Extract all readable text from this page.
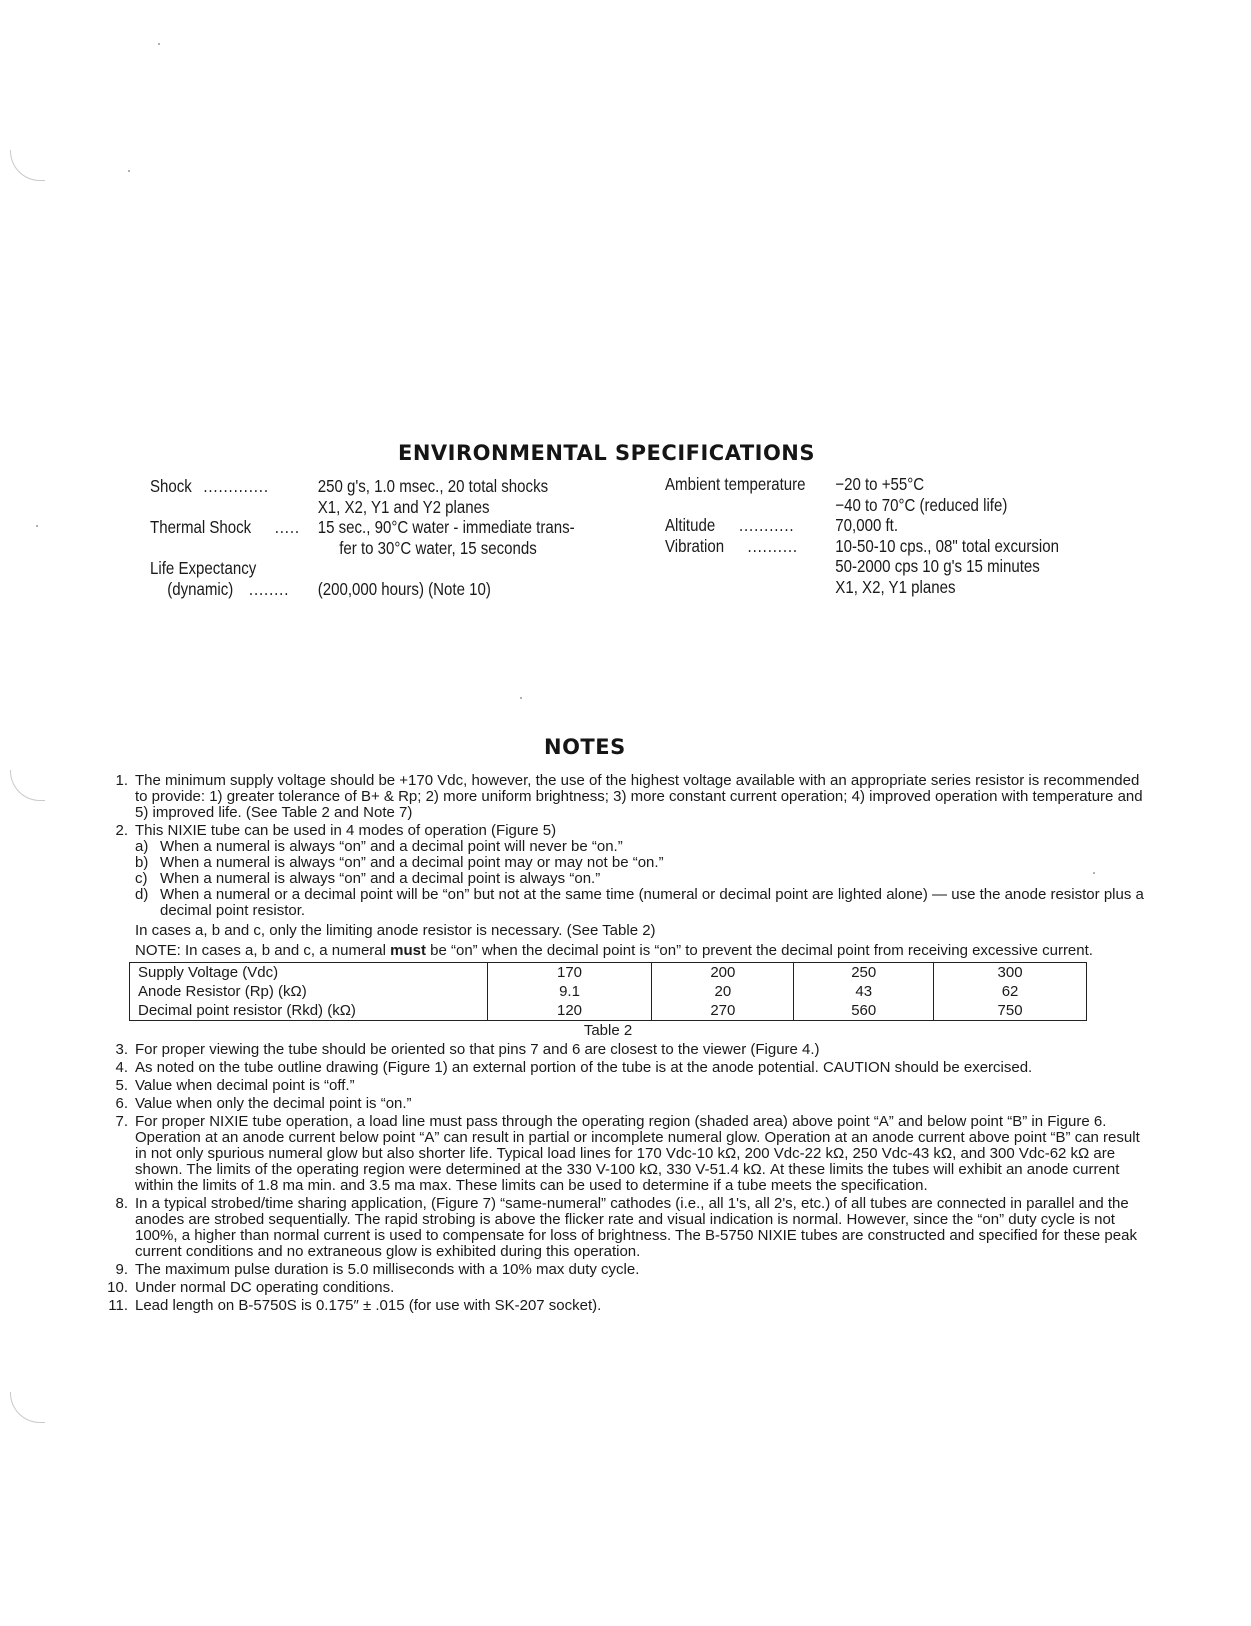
ENVIRONMENTAL SPECIFICATIONS
Shock .............	250 g's, 1.0 msec., 20 total shocks
X1, X2, Y1 and Y2 planes
Thermal Shock ..... 15 sec., 90°C water - immediate trans-
fer to 30°C water, 15 seconds
Life Expectancy
(dynamic) ........ (200,000 hours) (Note 10)
Ambient temperature −20 to +55°C
−40 to 70°C (reduced life)
Altitude ........... 70,000 ft.
Vibration .......... 10-50-10 cps., 08" total excursion
50-2000 cps 10 g's 15 minutes
X1, X2, Y1 planes
NOTES
1. The minimum supply voltage should be +170 Vdc, however, the use of the highest voltage available with an appropriate series resistor is recommended to provide: 1) greater tolerance of B+ & Rp; 2) more uniform brightness; 3) more constant current operation; 4) improved operation with temperature and 5) improved life. (See Table 2 and Note 7)
2. This NIXIE tube can be used in 4 modes of operation (Figure 5)
a) When a numeral is always “on” and a decimal point will never be “on.”
b) When a numeral is always “on” and a decimal point may or may not be “on.”
c) When a numeral is always “on” and a decimal point is always “on.”
d) When a numeral or a decimal point will be “on” but not at the same time (numeral or decimal point are lighted alone) — use the anode resistor plus a decimal point resistor.
In cases a, b and c, only the limiting anode resistor is necessary. (See Table 2)
NOTE: In cases a, b and c, a numeral must be “on” when the decimal point is “on” to prevent the decimal point from receiving excessive current.
Supply Voltage (Vdc)	170	200	250	300
Anode Resistor (Rp) (kΩ)	9.1	20	43	62
Decimal point resistor (Rkd) (kΩ)	120	270	560	750
Table 2
3. For proper viewing the tube should be oriented so that pins 7 and 6 are closest to the viewer (Figure 4.)
4. As noted on the tube outline drawing (Figure 1) an external portion of the tube is at the anode potential. CAUTION should be exercised.
5. Value when decimal point is “off.”
6. Value when only the decimal point is “on.”
7. For proper NIXIE tube operation, a load line must pass through the operating region (shaded area) above point “A” and below point “B” in Figure 6. Operation at an anode current below point “A” can result in partial or incomplete numeral glow. Operation at an anode current above point “B” can result in not only spurious numeral glow but also shorter life. Typical load lines for 170 Vdc-10 kΩ, 200 Vdc-22 kΩ, 250 Vdc-43 kΩ, and 300 Vdc-62 kΩ are shown. The limits of the operating region were determined at the 330 V-100 kΩ, 330 V-51.4 kΩ. At these limits the tubes will exhibit an anode current within the limits of 1.8 ma min. and 3.5 ma max. These limits can be used to determine if a tube meets the specification.
8. In a typical strobed/time sharing application, (Figure 7) “same-numeral” cathodes (i.e., all 1's, all 2's, etc.) of all tubes are connected in parallel and the anodes are strobed sequentially. The rapid strobing is above the flicker rate and visual indication is normal. However, since the “on” duty cycle is not 100%, a higher than normal current is used to compensate for loss of brightness. The B-5750 NIXIE tubes are constructed and specified for these peak current conditions and no extraneous glow is exhibited during this operation.
9. The maximum pulse duration is 5.0 milliseconds with a 10% max duty cycle.
10. Under normal DC operating conditions.
11. Lead length on B-5750S is 0.175″ ± .015 (for use with SK-207 socket).
